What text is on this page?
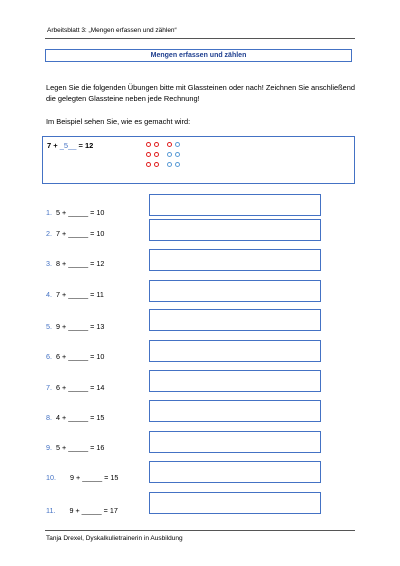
Arbeitsblatt 3: „Mengen erfassen und zählen“
Mengen erfassen und zählen
Legen Sie die folgenden Übungen bitte mit Glassteinen oder nach! Zeichnen Sie anschließend die gelegten Glassteine neben jede Rechnung!
Im Beispiel sehen Sie, wie es gemacht wird:
7 + _5__ = 12
1. 5 + _____ = 10
2. 7 + _____ = 10
3. 8 + _____ = 12
4. 7 + _____ = 11
5. 9 + _____ = 13
6. 6 + _____ = 10
7. 6 + _____ = 14
8. 4 + _____ = 15
9. 5 + _____ = 16
10. 9 + _____ = 15
11. 9 + _____ = 17
Tanja Drexel, Dyskalkulietrainerin in Ausbildung
